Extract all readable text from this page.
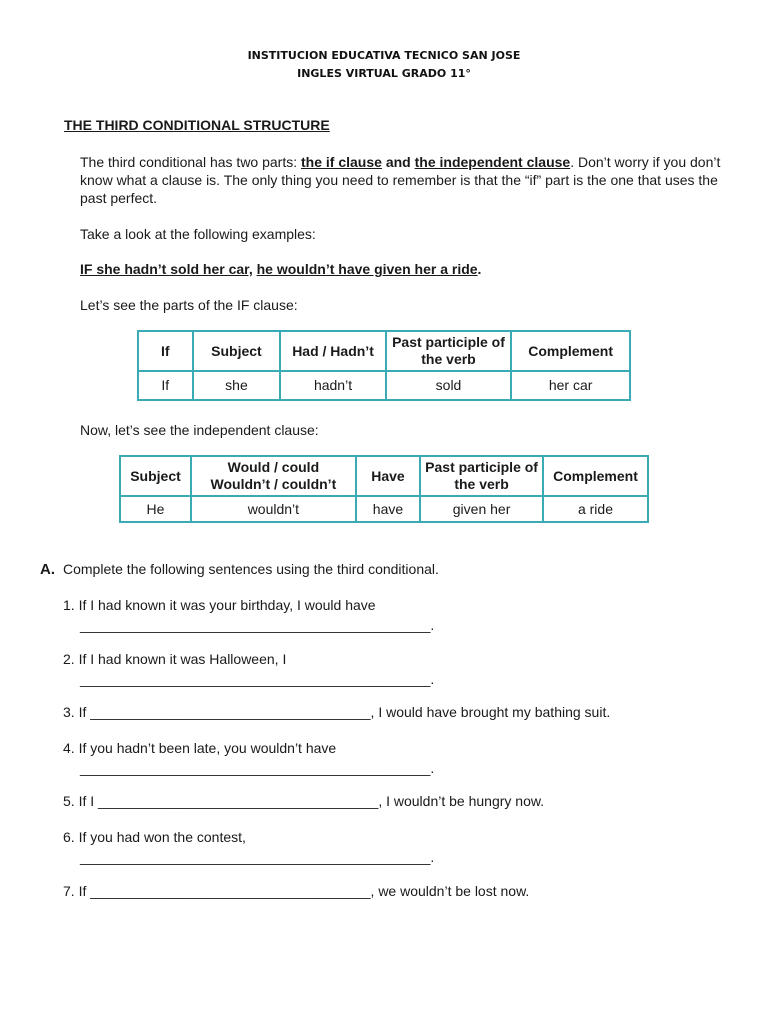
INSTITUCION EDUCATIVA TECNICO SAN JOSE
INGLES VIRTUAL GRADO 11°
THE THIRD CONDITIONAL STRUCTURE
The third conditional has two parts: the if clause and the independent clause. Don’t worry if you don’t know what a clause is. The only thing you need to remember is that the “if” part is the one that uses the past perfect.
Take a look at the following examples:
IF she hadn’t sold her car, he wouldn’t have given her a ride.
Let’s see the parts of the IF clause:
If	Subject	Had / Hadn’t	Past participle of the verb	Complement
If	she	hadn’t	sold	her car
Now, let’s see the independent clause:
Subject	Would / could Wouldn’t / couldn’t	Have	Past participle of the verb	Complement
He	wouldn’t	have	given her	a ride
A. Complete the following sentences using the third conditional.
1. If I had known it was your birthday, I would have
_____________________________________________.
2. If I had known it was Halloween, I
_____________________________________________.
3. If ____________________________________, I would have brought my bathing suit.
4. If you hadn’t been late, you wouldn’t have
_____________________________________________.
5. If I ____________________________________, I wouldn’t be hungry now.
6. If you had won the contest,
_____________________________________________.
7. If ____________________________________, we wouldn’t be lost now.
